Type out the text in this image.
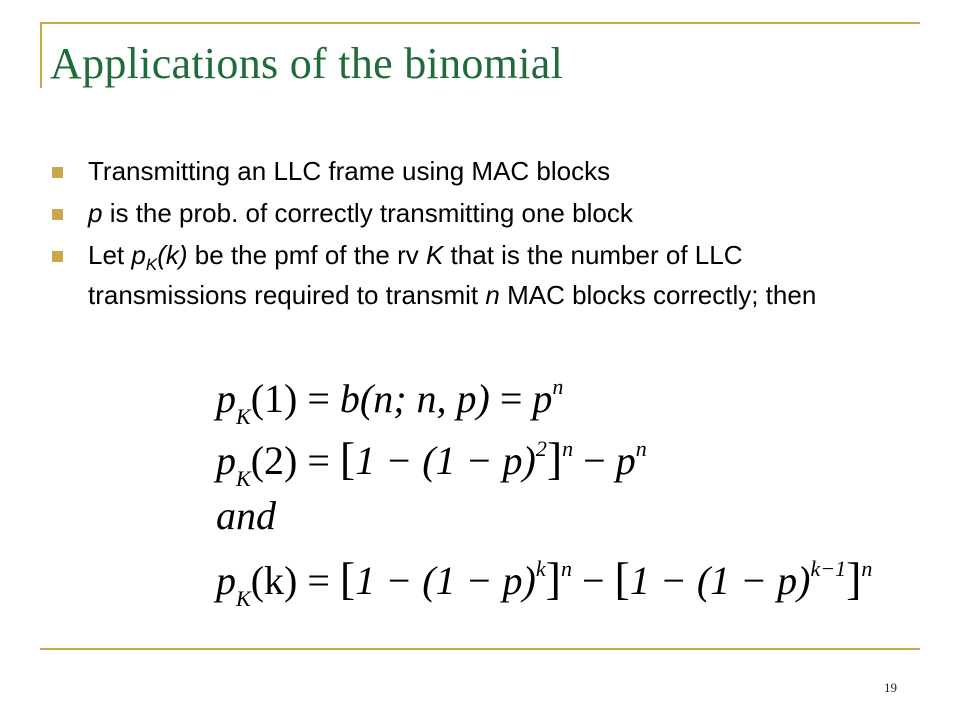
Applications of the binomial
Transmitting an LLC frame using MAC blocks
p is the prob. of correctly transmitting one block
Let $p_K(k)$ be the pmf of the rv K that is the number of LLC transmissions required to transmit n MAC blocks correctly; then
$p_K(1) = b(n$; n, $p) = p^n$
$p_K(2) = [1 - (1 - p)^2]^n - p^n$
and
$p_K(k) = [1 - (1 - p)^k]^n - [1 - (1 - p)^{k-1}]^n$
19
